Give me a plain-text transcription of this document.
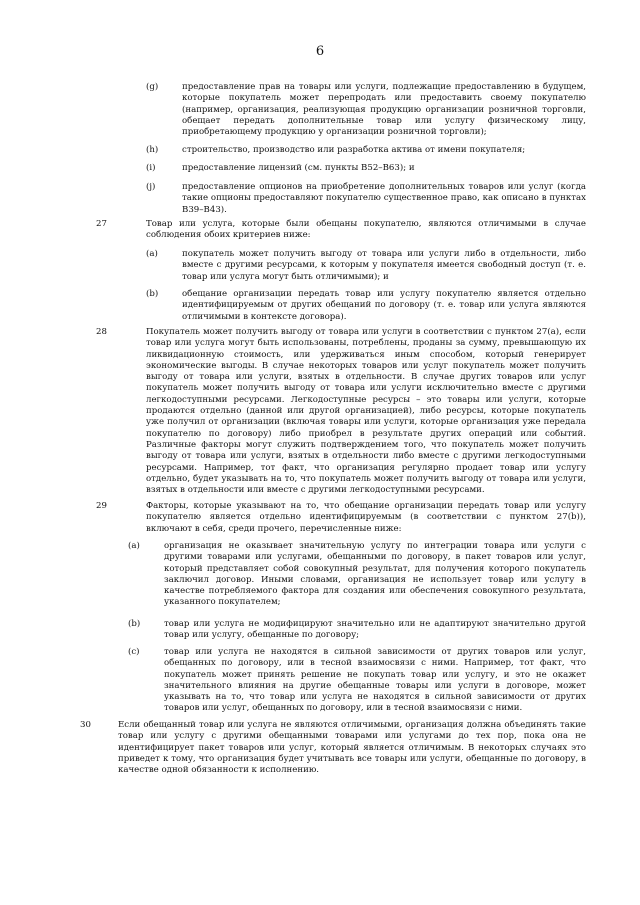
6
(g)	предоставление прав на товары или услуги, подлежащие предоставлению в будущем, которые покупатель может перепродать или предоставить своему покупателю (например, организация, реализующая продукцию организации розничной торговли, обещает передать дополнительные товар или услугу физическому лицу, приобретающему продукцию у организации розничной торговли);
(h)	строительство, производство или разработка актива от имени покупателя;
(i)	предоставление лицензий (см. пункты B52–B63); и
(j)	предоставление опционов на приобретение дополнительных товаров или услуг (когда такие опционы предоставляют покупателю существенное право, как описано в пунктах B39–B43).
27	Товар или услуга, которые были обещаны покупателю, являются отличимыми в случае соблюдения обоих критериев ниже:
(a)	покупатель может получить выгоду от товара или услуги либо в отдельности, либо вместе с другими ресурсами, к которым у покупателя имеется свободный доступ (т. е. товар или услуга могут быть отличимыми); и
(b)	обещание организации передать товар или услугу покупателю является отдельно идентифицируемым от других обещаний по договору (т. е. товар или услуга являются отличимыми в контексте договора).
28	Покупатель может получить выгоду от товара или услуги в соответствии с пунктом 27(a), если товар или услуга могут быть использованы, потреблены, проданы за сумму, превышающую их ликвидационную стоимость, или удерживаться иным способом, который генерирует экономические выгоды. В случае некоторых товаров или услуг покупатель может получить выгоду от товара или услуги, взятых в отдельности. В случае других товаров или услуг покупатель может получить выгоду от товара или услуги исключительно вместе с другими легкодоступными ресурсами. Легкодоступные ресурсы – это товары или услуги, которые продаются отдельно (данной или другой организацией), либо ресурсы, которые покупатель уже получил от организации (включая товары или услуги, которые организация уже передала покупателю по договору) либо приобрел в результате других операций или событий. Различные факторы могут служить подтверждением того, что покупатель может получить выгоду от товара или услуги, взятых в отдельности либо вместе с другими легкодоступными ресурсами. Например, тот факт, что организация регулярно продает товар или услугу отдельно, будет указывать на то, что покупатель может получить выгоду от товара или услуги, взятых в отдельности или вместе с другими легкодоступными ресурсами.
29	Факторы, которые указывают на то, что обещание организации передать товар или услугу покупателю является отдельно идентифицируемым (в соответствии с пунктом 27(b)), включают в себя, среди прочего, перечисленные ниже:
(a)	организация не оказывает значительную услугу по интеграции товара или услуги с другими товарами или услугами, обещанными по договору, в пакет товаров или услуг, который представляет собой совокупный результат, для получения которого покупатель заключил договор. Иными словами, организация не использует товар или услугу в качестве потребляемого фактора для создания или обеспечения совокупного результата, указанного покупателем;
(b)	товар или услуга не модифицируют значительно или не адаптируют значительно другой товар или услугу, обещанные по договору;
(c)	товар или услуга не находятся в сильной зависимости от других товаров или услуг, обещанных по договору, или в тесной взаимосвязи с ними. Например, тот факт, что покупатель может принять решение не покупать товар или услугу, и это не окажет значительного влияния на другие обещанные товары или услуги в договоре, может указывать на то, что товар или услуга не находятся в сильной зависимости от других товаров или услуг, обещанных по договору, или в тесной взаимосвязи с ними.
30	Если обещанный товар или услуга не являются отличимыми, организация должна объединять такие товар или услугу с другими обещанными товарами или услугами до тех пор, пока она не идентифицирует пакет товаров или услуг, который является отличимым. В некоторых случаях это приведет к тому, что организация будет учитывать все товары или услуги, обещанные по договору, в качестве одной обязанности к исполнению.
